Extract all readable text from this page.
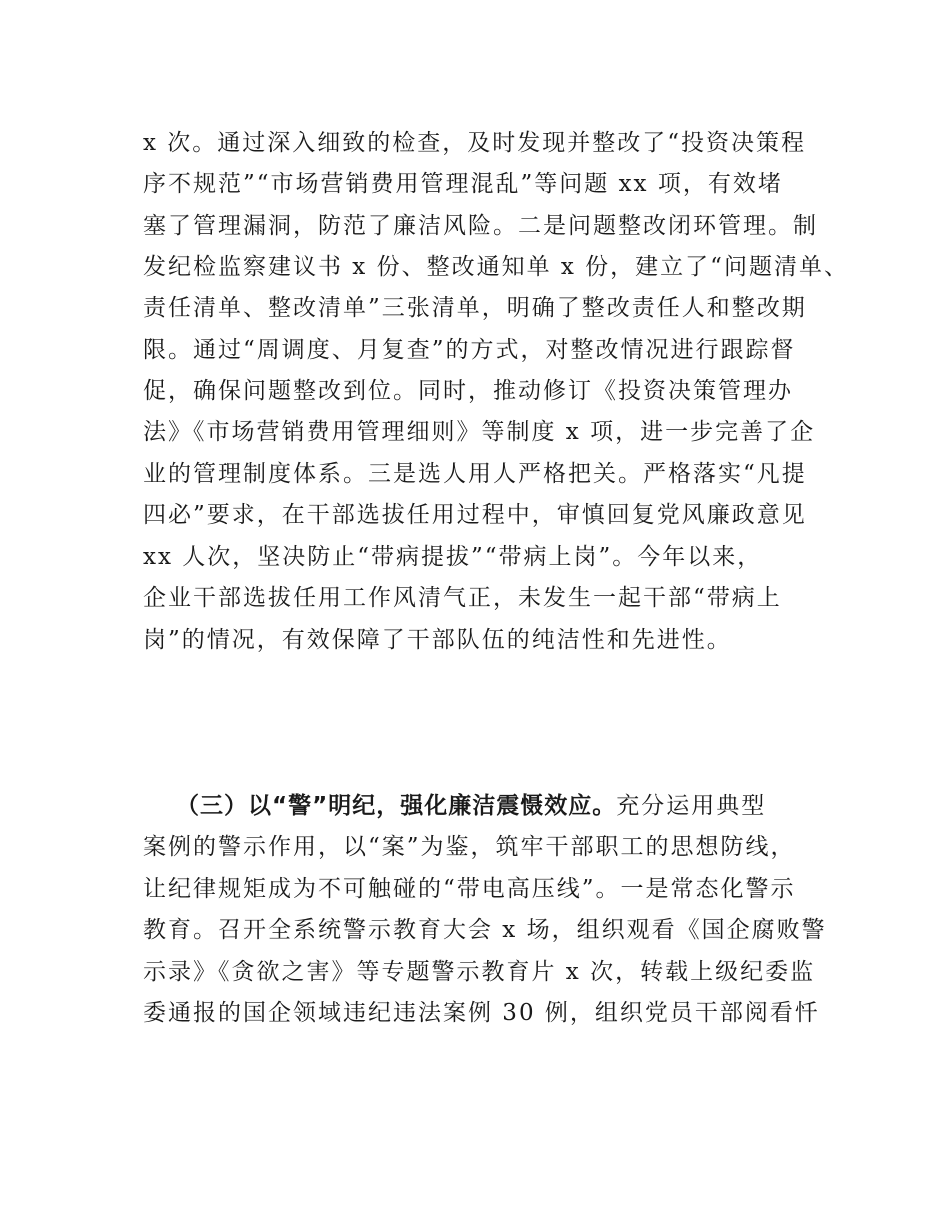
x 次。通过深入细致的检查，及时发现并整改了“投资决策程
序不规范”“市场营销费用管理混乱”等问题 xx 项，有效堵
塞了管理漏洞，防范了廉洁风险。二是问题整改闭环管理。制
发纪检监察建议书 x 份、整改通知单 x 份，建立了“问题清单、
责任清单、整改清单”三张清单，明确了整改责任人和整改期
限。通过“周调度、月复查”的方式，对整改情况进行跟踪督
促，确保问题整改到位。同时，推动修订《投资决策管理办
法》《市场营销费用管理细则》等制度 x 项，进一步完善了企
业的管理制度体系。三是选人用人严格把关。严格落实“凡提
四必”要求，在干部选拔任用过程中，审慎回复党风廉政意见
xx 人次，坚决防止“带病提拔”“带病上岗”。今年以来，
企业干部选拔任用工作风清气正，未发生一起干部“带病上
岗”的情况，有效保障了干部队伍的纯洁性和先进性。
（三）以“警”明纪，强化廉洁震慑效应。充分运用典型
案例的警示作用，以“案”为鉴，筑牢干部职工的思想防线，
让纪律规矩成为不可触碰的“带电高压线”。一是常态化警示
教育。召开全系统警示教育大会 x 场，组织观看《国企腐败警
示录》《贪欲之害》等专题警示教育片 x 次，转载上级纪委监
委通报的国企领域违纪违法案例 30 例，组织党员干部阅看忏
